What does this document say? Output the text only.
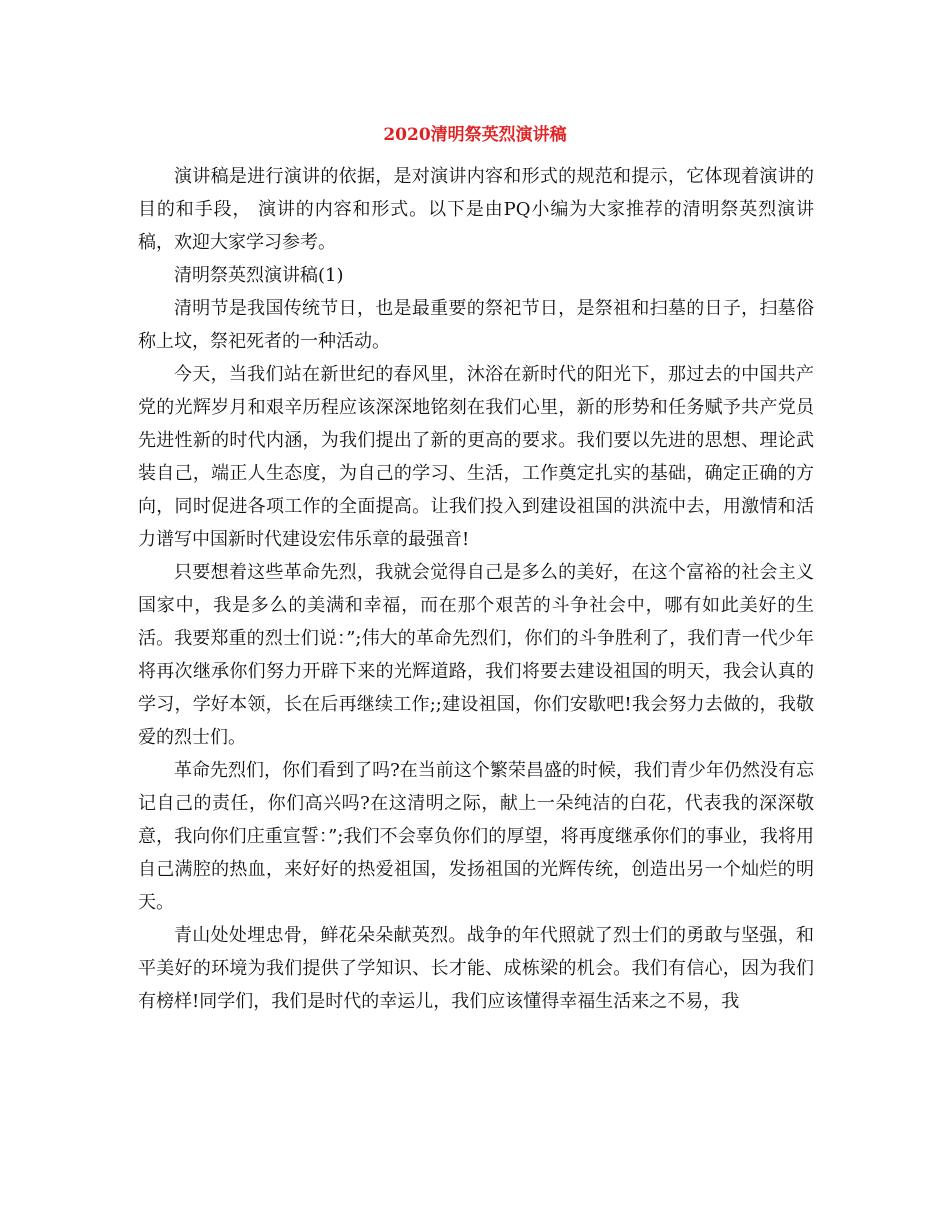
2020清明祭英烈演讲稿

演讲稿是进行演讲的依据，是对演讲内容和形式的规范和提示，它体现着演讲的目的和手段， 演讲的内容和形式。以下是由PQ小编为大家推荐的清明祭英烈演讲稿，欢迎大家学习参考。

清明祭英烈演讲稿(1)

清明节是我国传统节日，也是最重要的祭祀节日，是祭祖和扫墓的日子，扫墓俗称上坟，祭祀死者的一种活动。

今天，当我们站在新世纪的春风里，沐浴在新时代的阳光下，那过去的中国共产党的光辉岁月和艰辛历程应该深深地铭刻在我们心里，新的形势和任务赋予共产党员先进性新的时代内涵，为我们提出了新的更高的要求。我们要以先进的思想、理论武装自己，端正人生态度，为自己的学习、生活，工作奠定扎实的基础，确定正确的方向，同时促进各项工作的全面提高。让我们投入到建设祖国的洪流中去，用激情和活力谱写中国新时代建设宏伟乐章的最强音!

只要想着这些革命先烈，我就会觉得自己是多么的美好，在这个富裕的社会主义国家中，我是多么的美满和幸福，而在那个艰苦的斗争社会中，哪有如此美好的生活。我要郑重的烈士们说：”;伟大的革命先烈们，你们的斗争胜利了，我们青一代少年将再次继承你们努力开辟下来的光辉道路，我们将要去建设祖国的明天，我会认真的学习，学好本领，长在后再继续工作;;建设祖国，你们安歇吧!我会努力去做的，我敬爱的烈士们。

革命先烈们，你们看到了吗?在当前这个繁荣昌盛的时候，我们青少年仍然没有忘记自己的责任，你们高兴吗?在这清明之际，献上一朵纯洁的白花，代表我的深深敬意，我向你们庄重宣誓：”;我们不会辜负你们的厚望，将再度继承你们的事业，我将用自己满腔的热血，来好好的热爱祖国，发扬祖国的光辉传统，创造出另一个灿烂的明天。

青山处处埋忠骨，鲜花朵朵献英烈。战争的年代照就了烈士们的勇敢与坚强，和平美好的环境为我们提供了学知识、长才能、成栋梁的机会。我们有信心，因为我们有榜样!同学们，我们是时代的幸运儿，我们应该懂得幸福生活来之不易，我
